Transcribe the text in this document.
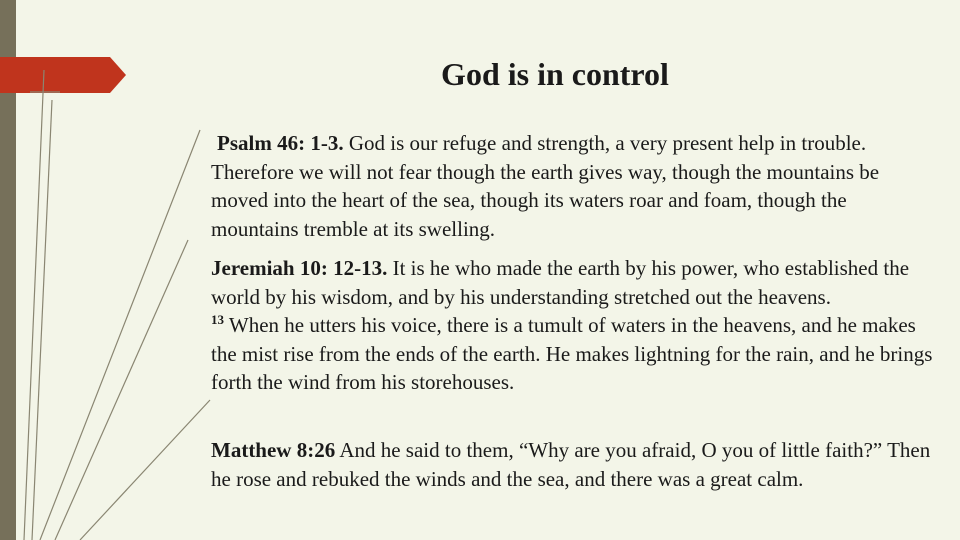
God is in control

Psalm 46: 1-3. God is our refuge and strength, a very present help in trouble. Therefore we will not fear though the earth gives way, though the mountains be moved into the heart of the sea, though its waters roar and foam, though the mountains tremble at its swelling.

Jeremiah 10: 12-13. It is he who made the earth by his power, who established the world by his wisdom, and by his understanding stretched out the heavens.
$^{13}$ When he utters his voice, there is a tumult of waters in the heavens, and he makes the mist rise from the ends of the earth. He makes lightning for the rain, and he brings forth the wind from his storehouses.

Matthew 8:26 And he said to them, “Why are you afraid, O you of little faith?” Then he rose and rebuked the winds and the sea, and there was a great calm.
